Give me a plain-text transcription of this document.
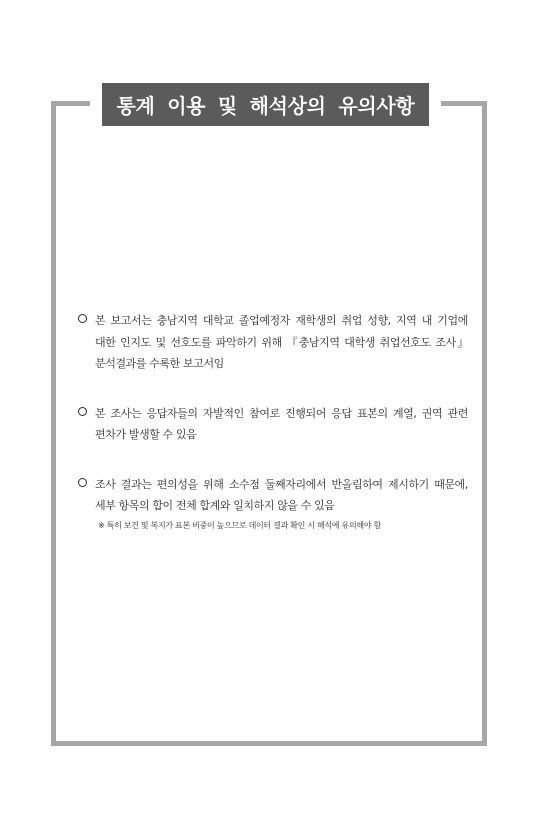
통계 이용 및 해석상의 유의사항
본 보고서는 충남지역 대학교 졸업예정자 재학생의 취업 성향, 지역 내 기업에
대한 인지도 및 선호도를 파악하기 위해 『충남지역 대학생 취업선호도 조사』
분석결과를 수록한 보고서임
본 조사는 응답자들의 자발적인 참여로 진행되어 응답 표본의 계열, 권역 관련
편차가 발생할 수 있음
조사 결과는 편의성을 위해 소수점 둘째자리에서 반올림하여 제시하기 때문에,
세부 항목의 합이 전체 합계와 일치하지 않을 수 있음
※ 특히 보건 및 복지가 표본 비중이 높으므로 데이터 결과 확인 시 해석에 유의해야 함
